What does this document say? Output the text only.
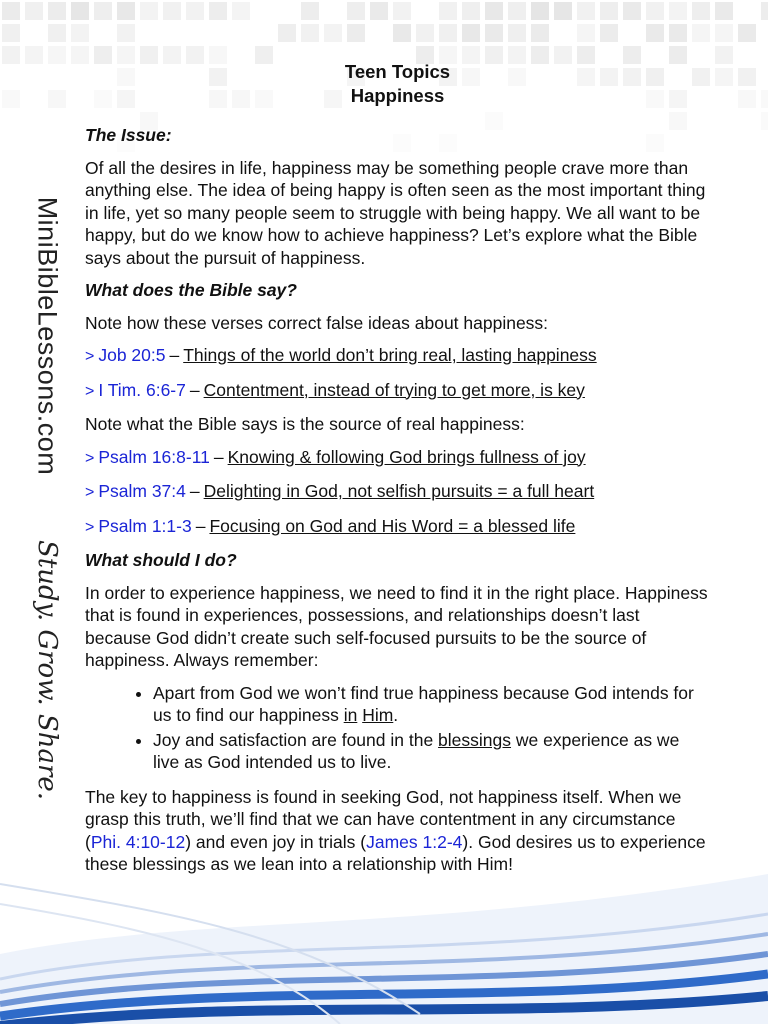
MiniBibleLessons.com
Study. Grow. Share.
Teen Topics
Happiness
The Issue:

Of all the desires in life, happiness may be something people crave more than anything else. The idea of being happy is often seen as the most important thing in life, yet so many people seem to struggle with being happy. We all want to be happy, but do we know how to achieve happiness? Let’s explore what the Bible says about the pursuit of happiness.

What does the Bible say?

Note how these verses correct false ideas about happiness:

> Job 20:5 – Things of the world don’t bring real, lasting happiness
> I Tim. 6:6-7 – Contentment, instead of trying to get more, is key

Note what the Bible says is the source of real happiness:

> Psalm 16:8-11 – Knowing & following God brings fullness of joy
> Psalm 37:4 – Delighting in God, not selfish pursuits = a full heart
> Psalm 1:1-3 – Focusing on God and His Word = a blessed life
What should I do?

In order to experience happiness, we need to find it in the right place. Happiness that is found in experiences, possessions, and relationships doesn’t last because God didn’t create such self-focused pursuits to be the source of happiness. Always remember:

• Apart from God we won’t find true happiness because God intends for us to find our happiness in Him.
• Joy and satisfaction are found in the blessings we experience as we live as God intended us to live.

The key to happiness is found in seeking God, not happiness itself. When we grasp this truth, we’ll find that we can have contentment in any circumstance (Phi. 4:10-12) and even joy in trials (James 1:2-4). God desires us to experience these blessings as we lean into a relationship with Him!
